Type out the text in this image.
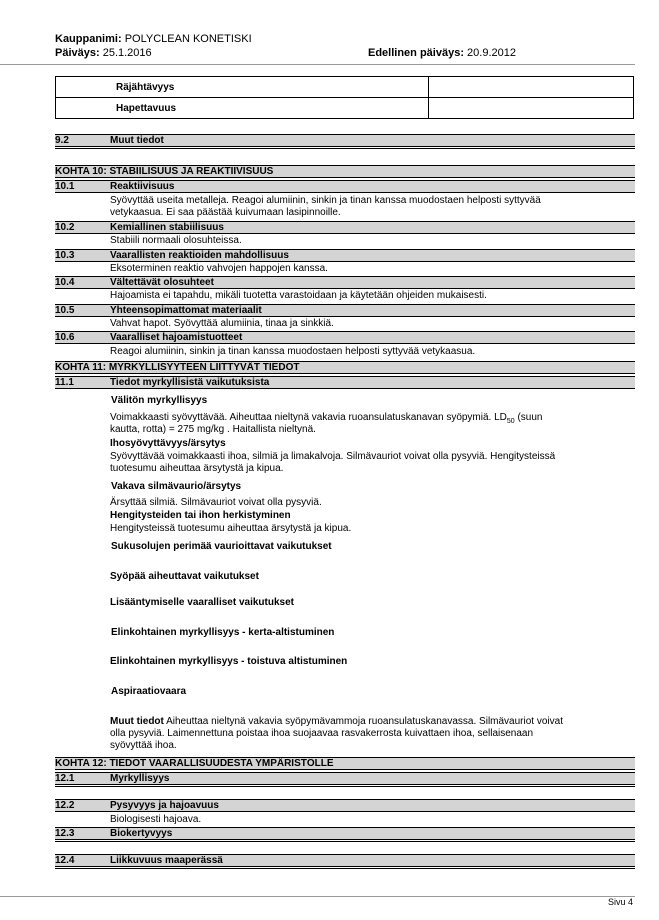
Kauppanimi: POLYCLEAN KONETISKI
Päiväys: 25.1.2016	Edellinen päiväys: 20.9.2012
Räjähtävyys	
Hapettavuus	
9.2	Muut tiedot
KOHTA 10: STABIILISUUS JA REAKTIIVISUUS
10.1	Reaktiivisuus
Syövyttää useita metalleja. Reagoi alumiinin, sinkin ja tinan kanssa muodostaen helposti syttyvää
vetykaasua. Ei saa päästää kuivumaan lasipinnoille.
10.2	Kemiallinen stabiilisuus
Stabiili normaali olosuhteissa.
10.3	Vaarallisten reaktioiden mahdollisuus
Eksoterminen reaktio vahvojen happojen kanssa.
10.4	Vältettävät olosuhteet
Hajoamista ei tapahdu, mikäli tuotetta varastoidaan ja käytetään ohjeiden mukaisesti.
10.5	Yhteensopimattomat materiaalit
Vahvat hapot. Syövyttää alumiinia, tinaa ja sinkkiä.
10.6	Vaaralliset hajoamistuotteet
Reagoi alumiinin, sinkin ja tinan kanssa muodostaen helposti syttyvää vetykaasua.
KOHTA 11: MYRKYLLISYYTEEN LIITTYVÄT TIEDOT
11.1	Tiedot myrkyllisistä vaikutuksista
Välitön myrkyllisyys
Voimakkaasti syövyttävää. Aiheuttaa nieltynä vakavia ruoansulatuskanavan syöpymiä. $LD_{50}$ (suun
kautta, rotta) = 275 mg/kg . Haitallista nieltynä.
Ihosyövyttävyys/ärsytys
Syövyttävää voimakkaasti ihoa, silmiä ja limakalvoja. Silmävauriot voivat olla pysyviä. Hengitysteissä
tuotesumu aiheuttaa ärsytystä ja kipua.
Vakava silmävaurio/ärsytys
Ärsyttää silmiä. Silmävauriot voivat olla pysyviä.
Hengitysteiden tai ihon herkistyminen
Hengitysteissä tuotesumu aiheuttaa ärsytystä ja kipua.
Sukusolujen perimää vaurioittavat vaikutukset
Syöpää aiheuttavat vaikutukset
Lisääntymiselle vaaralliset vaikutukset
Elinkohtainen myrkyllisyys - kerta-altistuminen
Elinkohtainen myrkyllisyys - toistuva altistuminen
Aspiraatiovaara
Muut tiedot Aiheuttaa nieltynä vakavia syöpymävammoja ruoansulatuskanavassa. Silmävauriot voivat
olla pysyviä. Laimennettuna poistaa ihoa suojaavaa rasvakerrosta kuivattaen ihoa, sellaisenaan
syövyttää ihoa.
KOHTA 12: TIEDOT VAARALLISUUDESTA YMPÄRISTÖLLE
12.1	Myrkyllisyys
12.2	Pysyvyys ja hajoavuus
Biologisesti hajoava.
12.3	Biokertyvyys
12.4	Liikkuvuus maaperässä
Sivu 4
